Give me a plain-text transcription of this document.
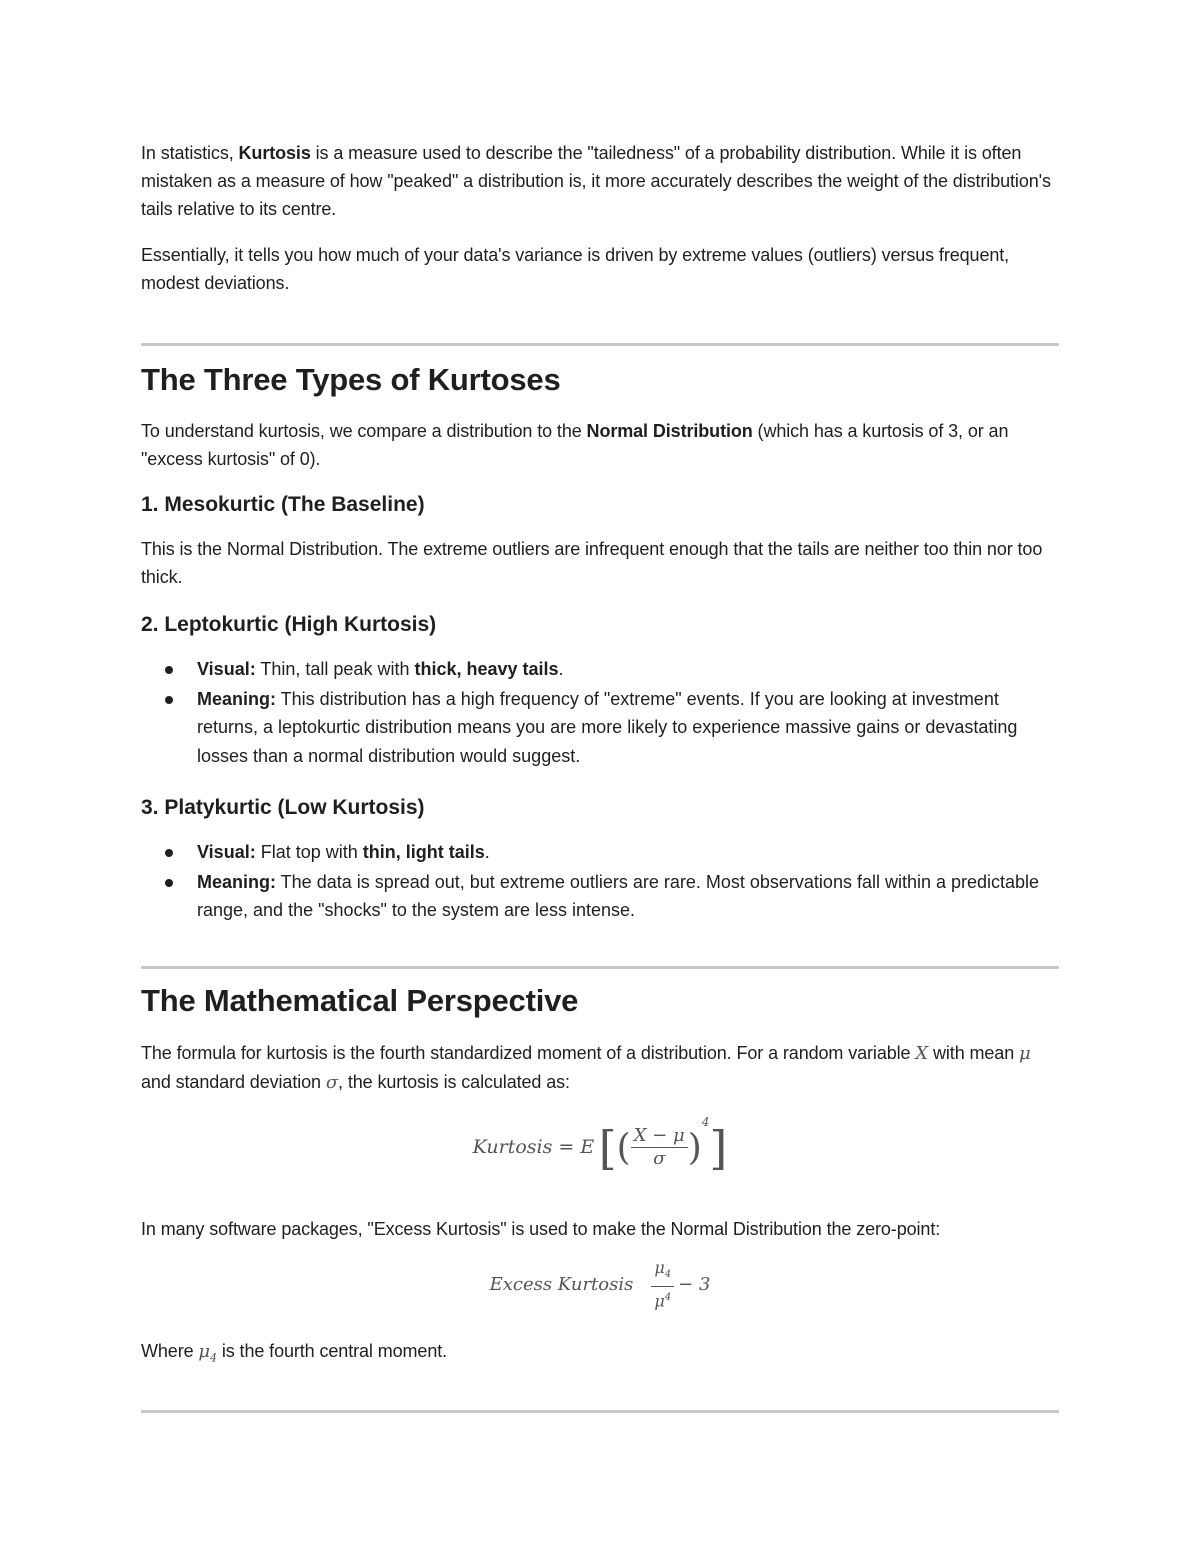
In statistics, Kurtosis is a measure used to describe the "tailedness" of a probability distribution. While it is often mistaken as a measure of how "peaked" a distribution is, it more accurately describes the weight of the distribution's tails relative to its centre.

Essentially, it tells you how much of your data's variance is driven by extreme values (outliers) versus frequent, modest deviations.

The Three Types of Kurtoses

To understand kurtosis, we compare a distribution to the Normal Distribution (which has a kurtosis of 3, or an "excess kurtosis" of 0).

1. Mesokurtic (The Baseline)

This is the Normal Distribution. The extreme outliers are infrequent enough that the tails are neither too thin nor too thick.

2. Leptokurtic (High Kurtosis)
Visual: Thin, tall peak with thick, heavy tails.
Meaning: This distribution has a high frequency of "extreme" events. If you are looking at investment returns, a leptokurtic distribution means you are more likely to experience massive gains or devastating losses than a normal distribution would suggest.
3. Platykurtic (Low Kurtosis)
Visual: Flat top with thin, light tails.
Meaning: The data is spread out, but extreme outliers are rare. Most observations fall within a predictable range, and the "shocks" to the system are less intense.
The Mathematical Perspective

The formula for kurtosis is the fourth standardized moment of a distribution. For a random variable X with mean μ and standard deviation σ, the kurtosis is calculated as:

Kurtosis = E [( $\frac{X - \mu}{\sigma} )^4$]

In many software packages, "Excess Kurtosis" is used to make the Normal Distribution the zero-point:

Excess Kurtosis $\frac{\mu_4}{\mu^4} - 3$

Where $\mu_4$ is the fourth central moment.
